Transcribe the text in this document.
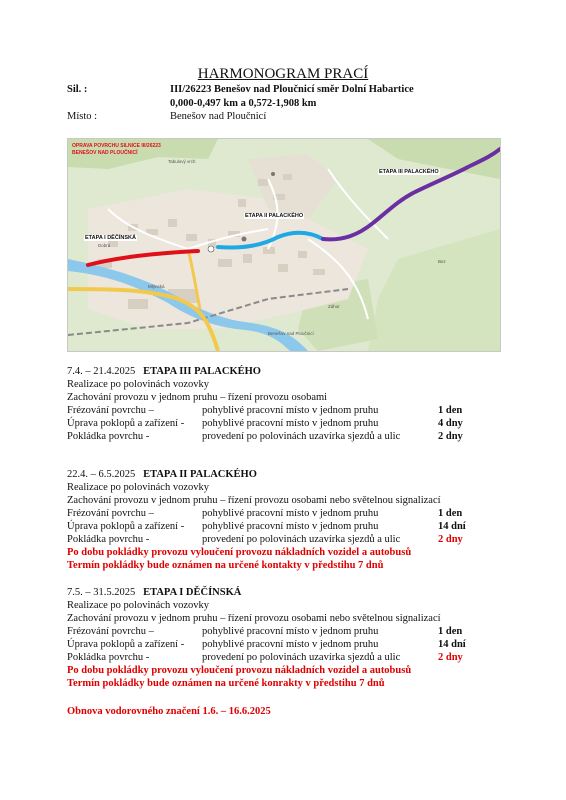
HARMONOGRAM PRACÍ
Sil. :	III/26223 Benešov nad Ploučnicí směr Dolní Habartice
0,000-0,497 km a 0,572-1,908 km
Místo :	Benešov nad Ploučnicí
OPRAVA POVRCHU SILNICE III/26223
BENEŠOV NAD PLOUČNICÍ
ETAPA I DĚČÍNSKÁ
ETAPA II PALACKÉHO
ETAPA III PALACKÉHO
Tabulový vrch
Dobrá
Mlýnská
Benešov nad Ploučnicí
Záhor
Bez
7.4. – 21.4.2025 ETAPA III PALACKÉHO
Realizace po polovinách vozovky
Zachování provozu v jednom pruhu – řízení provozu osobami
Frézování povrchu –	pohyblivé pracovní místo v jednom pruhu	1 den
Úprava poklopů a zařízení - pohyblivé pracovní místo v jednom pruhu	4 dny
Pokládka povrchu -	provedení po polovinách uzavírka sjezdů a ulic	2 dny
22.4. – 6.5.2025 ETAPA II PALACKÉHO
Realizace po polovinách vozovky
Zachování provozu v jednom pruhu – řízení provozu osobami nebo světelnou signalizací
Frézování povrchu –	pohyblivé pracovní místo v jednom pruhu	1 den
Úprava poklopů a zařízení - pohyblivé pracovní místo v jednom pruhu	14 dní
Pokládka povrchu -	provedení po polovinách uzavírka sjezdů a ulic	2 dny
Po dobu pokládky provozu vyloučení provozu nákladních vozidel a autobusů
Termín pokládky bude oznámen na určené kontakty v předstihu 7 dnů
7.5. – 31.5.2025 ETAPA I DĚČÍNSKÁ
Realizace po polovinách vozovky
Zachování provozu v jednom pruhu – řízení provozu osobami nebo světelnou signalizací
Frézování povrchu –	pohyblivé pracovní místo v jednom pruhu	1 den
Úprava poklopů a zařízení - pohyblivé pracovní místo v jednom pruhu	14 dní
Pokládka povrchu -	provedení po polovinách uzavírka sjezdů a ulic	2 dny
Po dobu pokládky provozu vyloučení provozu nákladních vozidel a autobusů
Termín pokládky bude oznámen na určené konrakty v předstihu 7 dnů
Obnova vodorovného značení 1.6. – 16.6.2025
